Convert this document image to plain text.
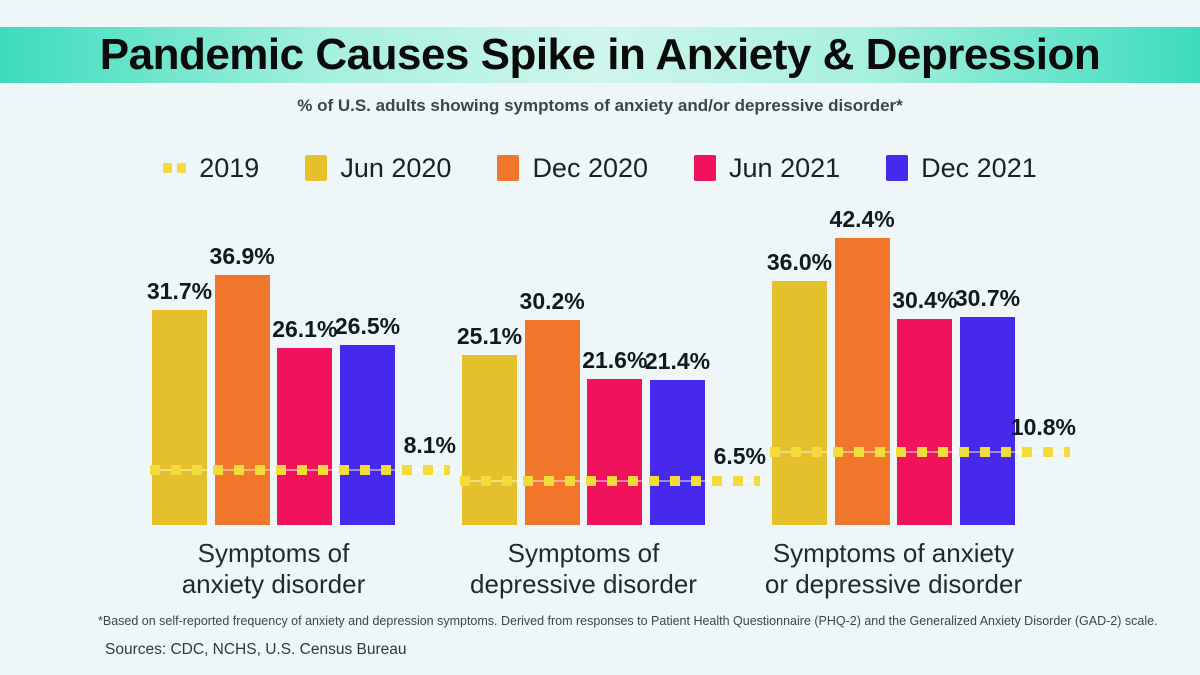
Pandemic Causes Spike in Anxiety & Depression
% of U.S. adults showing symptoms of anxiety and/or depressive disorder*
2019	Jun 2020	Dec 2020	Jun 2021	Dec 2021
31.7%
36.9%
26.1%
26.5%
8.1%
Symptoms of
anxiety disorder
25.1%
30.2%
21.6%
21.4%
6.5%
Symptoms of
depressive disorder
36.0%
42.4%
30.4%
30.7%
10.8%
Symptoms of anxiety
or depressive disorder
*Based on self-reported frequency of anxiety and depression symptoms. Derived from responses to Patient Health Questionnaire (PHQ-2) and the Generalized Anxiety Disorder (GAD-2) scale.
Sources: CDC, NCHS, U.S. Census Bureau
